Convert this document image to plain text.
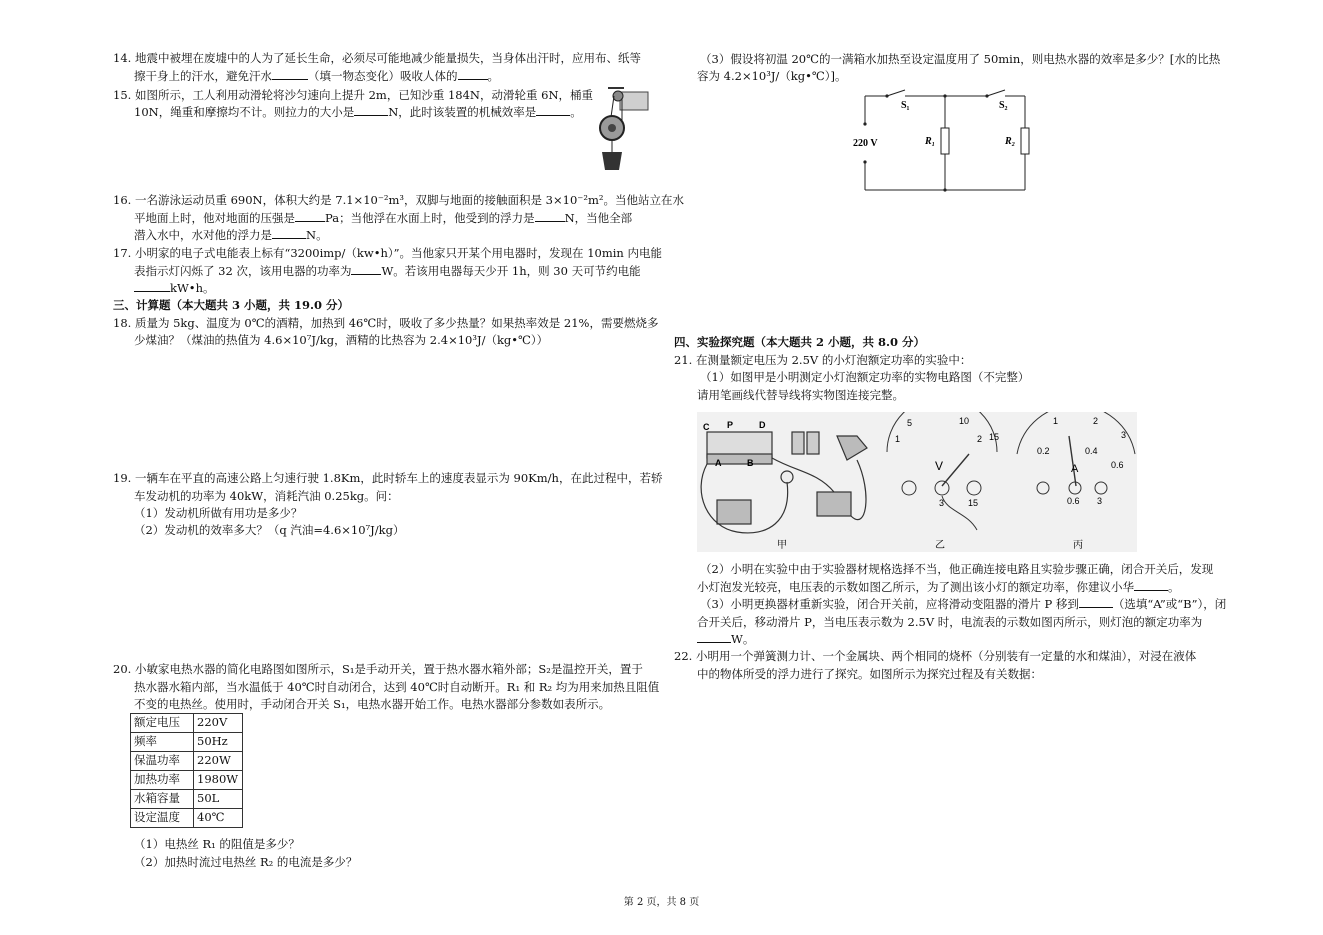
14. 地震中被埋在废墟中的人为了延长生命，必须尽可能地减少能量损失，当身体出汗时，应用布、纸等
擦干身上的汗水，避免汗水	（填一物态变化）吸收人体的	。
15. 如图所示，工人利用动滑轮将沙匀速向上提升 2m，已知沙重 184N，动滑轮重 6N，桶重
10N，绳重和摩擦均不计。则拉力的大小是	N，此时该装置的机械效率是	。
16. 一名游泳运动员重 690N，体积大约是 7.1×10⁻²m³，双脚与地面的接触面积是 3×10⁻²m²。当他站立在水
平地面上时，他对地面的压强是	Pa；当他浮在水面上时，他受到的浮力是	N，当他全部
潜入水中，水对他的浮力是	N。
17. 小明家的电子式电能表上标有“3200imp/（kw•h）”。当他家只开某个用电器时，发现在 10min 内电能
表指示灯闪烁了 32 次，该用电器的功率为	W。若该用电器每天少开 1h，则 30 天可节约电能
kW•h。
三、计算题（本大题共 3 小题，共 19.0 分）
18. 质量为 5kg、温度为 0℃的酒精，加热到 46℃时，吸收了多少热量？如果热率效是 21%，需要燃烧多
少煤油？（煤油的热值为 4.6×10⁷J/kg，酒精的比热容为 2.4×10³J/（kg•℃））
19. 一辆车在平直的高速公路上匀速行驶 1.8Km，此时轿车上的速度表显示为 90Km/h，在此过程中，若轿
车发动机的功率为 40kW，消耗汽油 0.25kg。问：
（1）发动机所做有用功是多少？
（2）发动机的效率多大？（q 汽油=4.6×10⁷J/kg）
20. 小敏家电热水器的简化电路图如图所示，S₁是手动开关，置于热水器水箱外部；S₂是温控开关，置于
热水器水箱内部，当水温低于 40℃时自动闭合，达到 40℃时自动断开。R₁ 和 R₂ 均为用来加热且阻值
不变的电热丝。使用时，手动闭合开关 S₁，电热水器开始工作。电热水器部分参数如表所示。
额定电压	220V
频率	50Hz
保温功率	220W
加热功率	1980W
水箱容量	50L
设定温度	40℃
（1）电热丝 R₁ 的阻值是多少？
（2）加热时流过电热丝 R₂ 的电流是多少？
（3）假设将初温 20℃的一满箱水加热至设定温度用了 50min，则电热水器的效率是多少？[水的比热
容为 4.2×10³J/（kg•℃）]。
220 V
S₁	S₂
R₁	R₂
四、实验探究题（本大题共 2 小题，共 8.0 分）
21. 在测量额定电压为 2.5V 的小灯泡额定功率的实验中：
（1）如图甲是小明测定小灯泡额定功率的实物电路图（不完整）
请用笔画线代替导线将实物图连接完整。
C P	D
A	B
甲
1
5
2
10
15
V
3	15
乙
1	2
3
0.2	0.4
0.6
A
0.6 3
丙
（2）小明在实验中由于实验器材规格选择不当，他正确连接电路且实验步骤正确，闭合开关后，发现
小灯泡发光较亮，电压表的示数如图乙所示，为了测出该小灯的额定功率，你建议小华	。
（3）小明更换器材重新实验，闭合开关前，应将滑动变阻器的滑片 P 移到	（选填“A”或“B”），闭
合开关后，移动滑片 P，当电压表示数为 2.5V 时，电流表的示数如图丙所示，则灯泡的额定功率为
W。
22. 小明用一个弹簧测力计、一个金属块、两个相同的烧杯（分别装有一定量的水和煤油），对浸在液体
中的物体所受的浮力进行了探究。如图所示为探究过程及有关数据：
第 2 页，共 8 页
